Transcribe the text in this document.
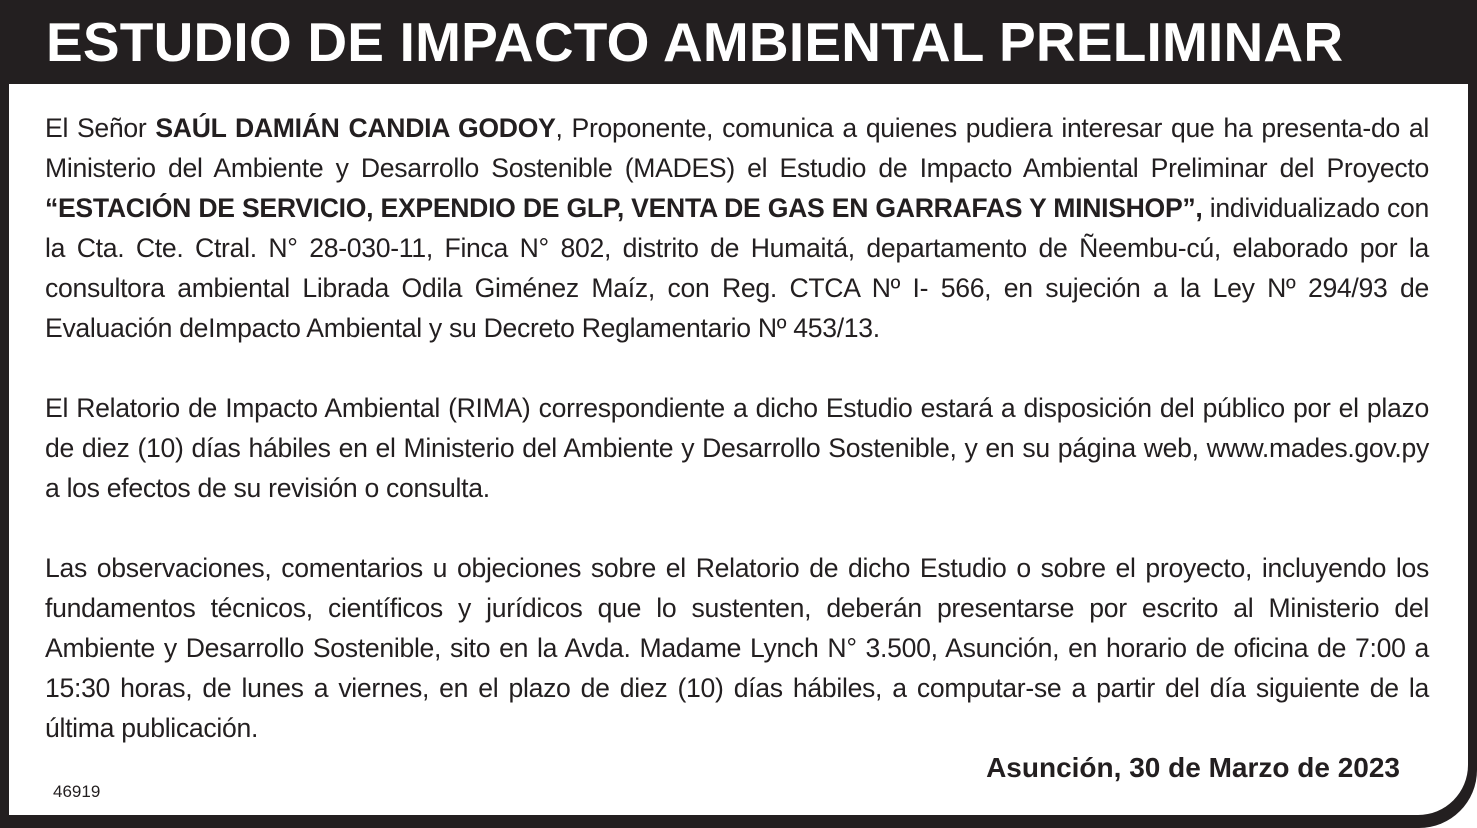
ESTUDIO DE IMPACTO AMBIENTAL PRELIMINAR

El Señor SAÚL DAMIÁN CANDIA GODOY, Proponente, comunica a quienes pudiera interesar que ha presenta-do al Ministerio del Ambiente y Desarrollo Sostenible (MADES) el Estudio de Impacto Ambiental Preliminar del Proyecto “ESTACIÓN DE SERVICIO, EXPENDIO DE GLP, VENTA DE GAS EN GARRAFAS Y MINISHOP”, individualizado con la Cta. Cte. Ctral. N° 28-030-11, Finca N° 802, distrito de Humaitá, departamento de Ñeembu-cú, elaborado por la consultora ambiental Librada Odila Giménez Maíz, con Reg. CTCA Nº I- 566, en sujeción a la Ley Nº 294/93 de Evaluación deImpacto Ambiental y su Decreto Reglamentario Nº 453/13.

El Relatorio de Impacto Ambiental (RIMA) correspondiente a dicho Estudio estará a disposición del público por el plazo de diez (10) días hábiles en el Ministerio del Ambiente y Desarrollo Sostenible, y en su página web, www.mades.gov.py a los efectos de su revisión o consulta.

Las observaciones, comentarios u objeciones sobre el Relatorio de dicho Estudio o sobre el proyecto, incluyendo los fundamentos técnicos, científicos y jurídicos que lo sustenten, deberán presentarse por escrito al Ministerio del Ambiente y Desarrollo Sostenible, sito en la Avda. Madame Lynch N° 3.500, Asunción, en horario de oficina de 7:00 a 15:30 horas, de lunes a viernes, en el plazo de diez (10) días hábiles, a computar-se a partir del día siguiente de la última publicación.

Asunción, 30 de Marzo de 2023
46919
